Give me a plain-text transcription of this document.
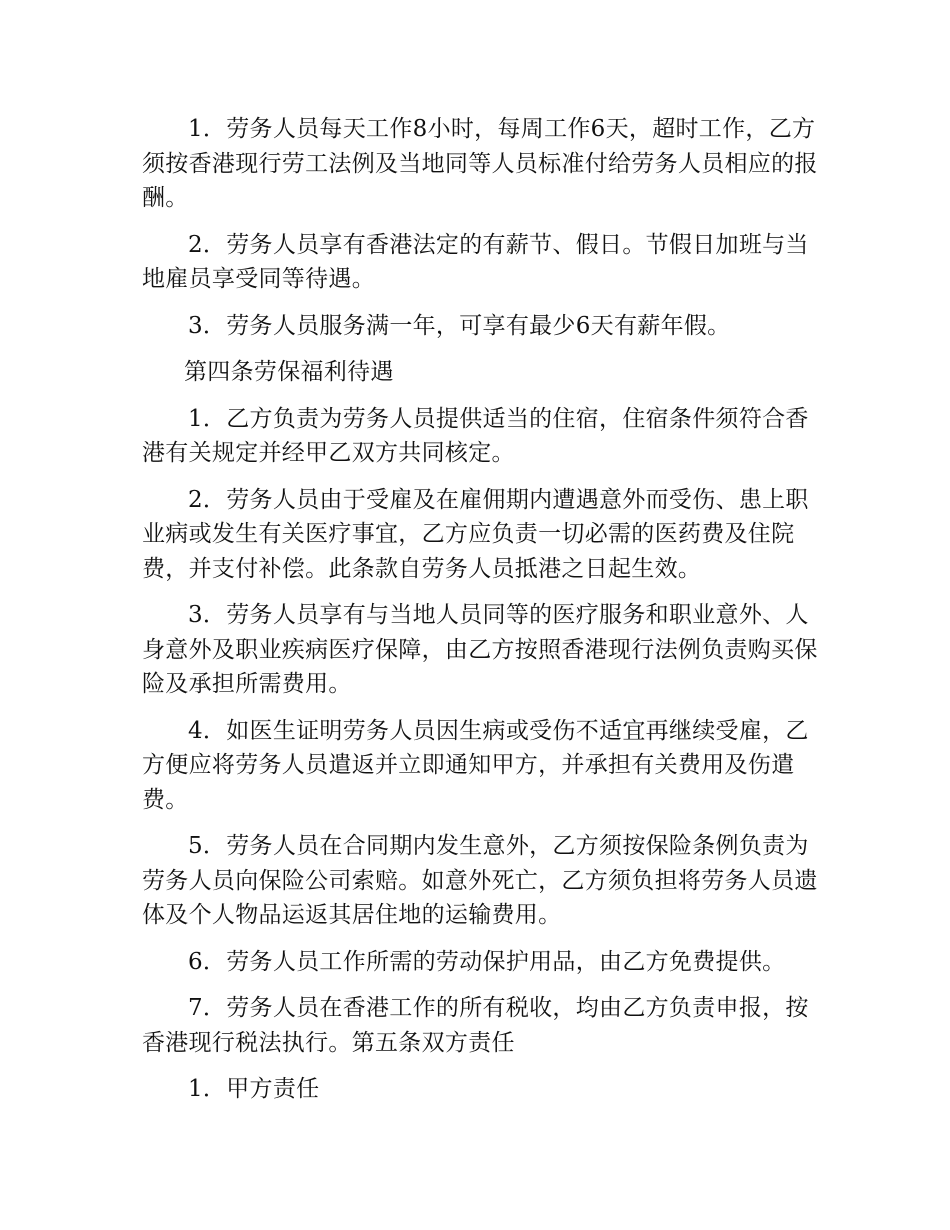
1．劳务人员每天工作8小时，每周工作6天，超时工作，乙方须按香港现行劳工法例及当地同等人员标准付给劳务人员相应的报酬。

2．劳务人员享有香港法定的有薪节、假日。节假日加班与当地雇员享受同等待遇。

3．劳务人员服务满一年，可享有最少6天有薪年假。

第四条劳保福利待遇

1．乙方负责为劳务人员提供适当的住宿，住宿条件须符合香港有关规定并经甲乙双方共同核定。

2．劳务人员由于受雇及在雇佣期内遭遇意外而受伤、患上职业病或发生有关医疗事宜，乙方应负责一切必需的医药费及住院费，并支付补偿。此条款自劳务人员抵港之日起生效。

3．劳务人员享有与当地人员同等的医疗服务和职业意外、人身意外及职业疾病医疗保障，由乙方按照香港现行法例负责购买保险及承担所需费用。

4．如医生证明劳务人员因生病或受伤不适宜再继续受雇，乙方便应将劳务人员遣返并立即通知甲方，并承担有关费用及伤遣费。

5．劳务人员在合同期内发生意外，乙方须按保险条例负责为劳务人员向保险公司索赔。如意外死亡，乙方须负担将劳务人员遗体及个人物品运返其居住地的运输费用。

6．劳务人员工作所需的劳动保护用品，由乙方免费提供。

7．劳务人员在香港工作的所有税收，均由乙方负责申报，按香港现行税法执行。第五条双方责任

1．甲方责任
